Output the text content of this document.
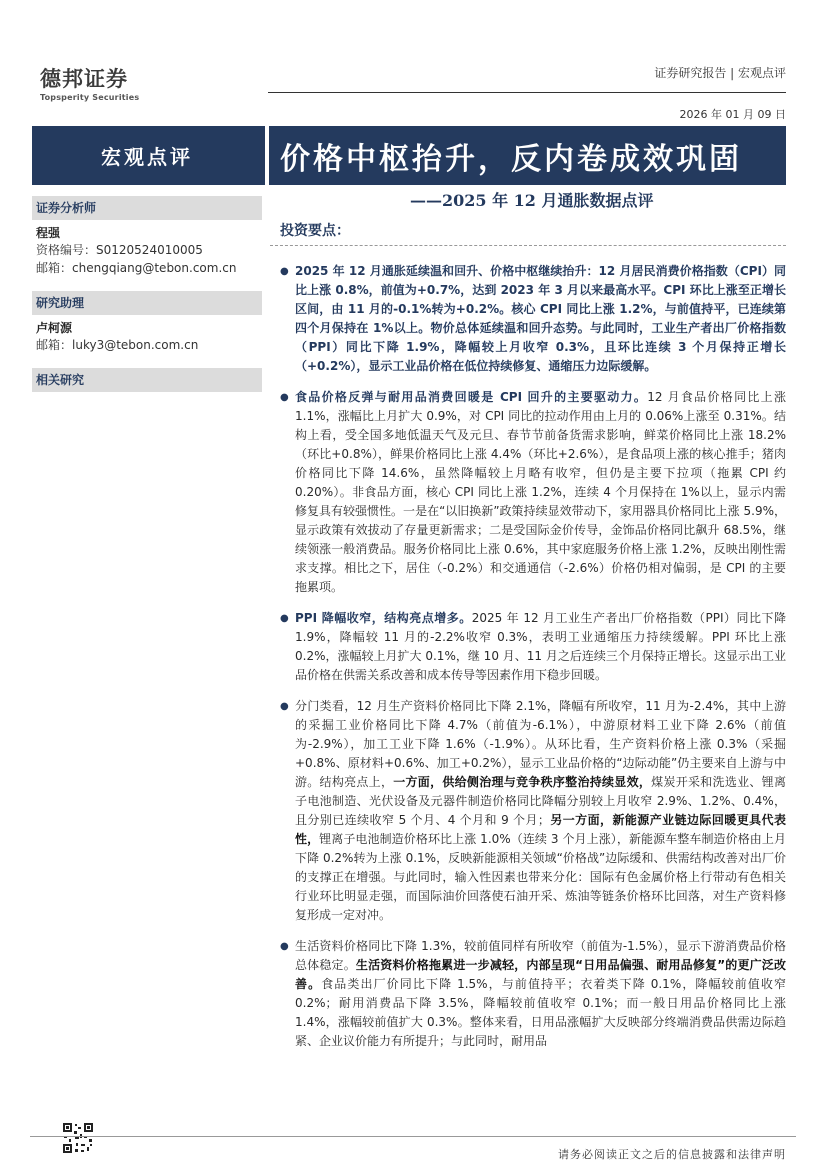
德邦证券
Topsperity Securities
证券研究报告 | 宏观点评
2026 年 01 月 09 日
宏观点评	价格中枢抬升，反内卷成效巩固
——2025 年 12 月通胀数据点评
证券分析师
程强
资格编号：S0120524010005
邮箱：chengqiang@tebon.com.cn
研究助理
卢柯源
邮箱：luky3@tebon.com.cn
相关研究
投资要点：
● 2025 年 12 月通胀延续温和回升、价格中枢继续抬升：12 月居民消费价格指数（CPI）同比上涨 0.8%，前值为+0.7%，达到 2023 年 3 月以来最高水平。CPI 环比上涨至正增长区间，由 11 月的-0.1%转为+0.2%。核心 CPI 同比上涨 1.2%，与前值持平，已连续第四个月保持在 1%以上。物价总体延续温和回升态势。与此同时，工业生产者出厂价格指数（PPI）同比下降 1.9%，降幅较上月收窄 0.3%，且环比连续 3 个月保持正增长（+0.2%），显示工业品价格在低位持续修复、通缩压力边际缓解。
● 食品价格反弹与耐用品消费回暖是 CPI 回升的主要驱动力。12 月食品价格同比上涨 1.1%，涨幅比上月扩大 0.9%，对 CPI 同比的拉动作用由上月的 0.06%上涨至 0.31%。结构上看，受全国多地低温天气及元旦、春节节前备货需求影响，鲜菜价格同比上涨 18.2%（环比+0.8%），鲜果价格同比上涨 4.4%（环比+2.6%），是食品项上涨的核心推手；猪肉价格同比下降 14.6%，虽然降幅较上月略有收窄，但仍是主要下拉项（拖累 CPI 约 0.20%）。非食品方面，核心 CPI 同比上涨 1.2%，连续 4 个月保持在 1%以上，显示内需修复具有较强惯性。一是在“以旧换新”政策持续显效带动下，家用器具价格同比上涨 5.9%，显示政策有效拔动了存量更新需求；二是受国际金价传导，金饰品价格同比飙升 68.5%，继续领涨一般消费品。服务价格同比上涨 0.6%，其中家庭服务价格上涨 1.2%，反映出刚性需求支撑。相比之下，居住（-0.2%）和交通通信（-2.6%）价格仍相对偏弱，是 CPI 的主要拖累项。
● PPI 降幅收窄，结构亮点增多。2025 年 12 月工业生产者出厂价格指数（PPI）同比下降 1.9%，降幅较 11 月的-2.2%收窄 0.3%，表明工业通缩压力持续缓解。PPI 环比上涨 0.2%，涨幅较上月扩大 0.1%，继 10 月、11 月之后连续三个月保持正增长。这显示出工业品价格在供需关系改善和成本传导等因素作用下稳步回暖。
● 分门类看，12 月生产资料价格同比下降 2.1%，降幅有所收窄，11 月为-2.4%，其中上游的采掘工业价格同比下降 4.7%（前值为-6.1%），中游原材料工业下降 2.6%（前值为-2.9%），加工工业下降 1.6%（-1.9%）。从环比看，生产资料价格上涨 0.3%（采掘+0.8%、原材料+0.6%、加工+0.2%），显示工业品价格的“边际动能”仍主要来自上游与中游。结构亮点上，一方面，供给侧治理与竞争秩序整治持续显效，煤炭开采和洗选业、锂离子电池制造、光伏设备及元器件制造价格同比降幅分别较上月收窄 2.9%、1.2%、0.4%，且分别已连续收窄 5 个月、4 个月和 9 个月；另一方面，新能源产业链边际回暖更具代表性，锂离子电池制造价格环比上涨 1.0%（连续 3 个月上涨），新能源车整车制造价格由上月下降 0.2%转为上涨 0.1%，反映新能源相关领域“价格战”边际缓和、供需结构改善对出厂价的支撑正在增强。与此同时，输入性因素也带来分化：国际有色金属价格上行带动有色相关行业环比明显走强，而国际油价回落使石油开采、炼油等链条价格环比回落，对生产资料修复形成一定对冲。
● 生活资料价格同比下降 1.3%，较前值同样有所收窄（前值为-1.5%），显示下游消费品价格总体稳定。生活资料价格拖累进一步减轻，内部呈现“日用品偏强、耐用品修复”的更广泛改善。食品类出厂价同比下降 1.5%，与前值持平；衣着类下降 0.1%，降幅较前值收窄 0.2%；耐用消费品下降 3.5%，降幅较前值收窄 0.1%；而一般日用品价格同比上涨 1.4%，涨幅较前值扩大 0.3%。整体来看，日用品涨幅扩大反映部分终端消费品供需边际趋紧、企业议价能力有所提升；与此同时，耐用品
请务必阅读正文之后的信息披露和法律声明
